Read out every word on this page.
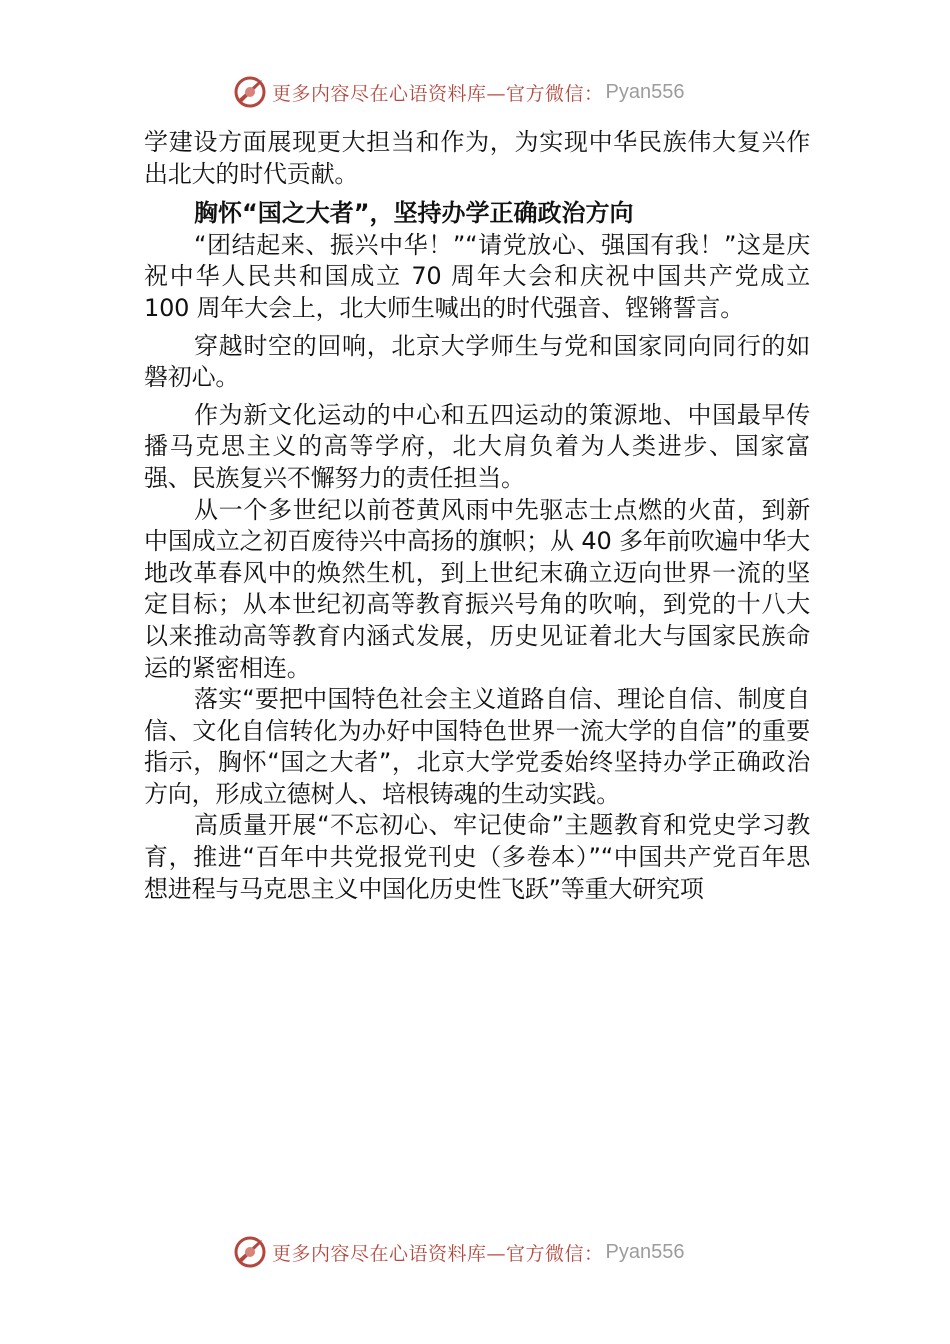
更多内容尽在心语资料库—官方微信： Pyan556

学建设方面展现更大担当和作为，为实现中华民族伟大复兴作出北大的时代贡献。

胸怀“国之大者”，坚持办学正确政治方向

“团结起来、振兴中华！”“请党放心、强国有我！”这是庆祝中华人民共和国成立 70 周年大会和庆祝中国共产党成立 100 周年大会上，北大师生喊出的时代强音、铿锵誓言。

穿越时空的回响，北京大学师生与党和国家同向同行的如磐初心。

作为新文化运动的中心和五四运动的策源地、中国最早传播马克思主义的高等学府，北大肩负着为人类进步、国家富强、民族复兴不懈努力的责任担当。

从一个多世纪以前苍黄风雨中先驱志士点燃的火苗，到新中国成立之初百废待兴中高扬的旗帜；从 40 多年前吹遍中华大地改革春风中的焕然生机，到上世纪末确立迈向世界一流的坚定目标；从本世纪初高等教育振兴号角的吹响，到党的十八大以来推动高等教育内涵式发展，历史见证着北大与国家民族命运的紧密相连。

落实“要把中国特色社会主义道路自信、理论自信、制度自信、文化自信转化为办好中国特色世界一流大学的自信”的重要指示，胸怀“国之大者”，北京大学党委始终坚持办学正确政治方向，形成立德树人、培根铸魂的生动实践。

高质量开展“不忘初心、牢记使命”主题教育和党史学习教育，推进“百年中共党报党刊史（多卷本）”“中国共产党百年思想进程与马克思主义中国化历史性飞跃”等重大研究项

更多内容尽在心语资料库—官方微信： Pyan556
